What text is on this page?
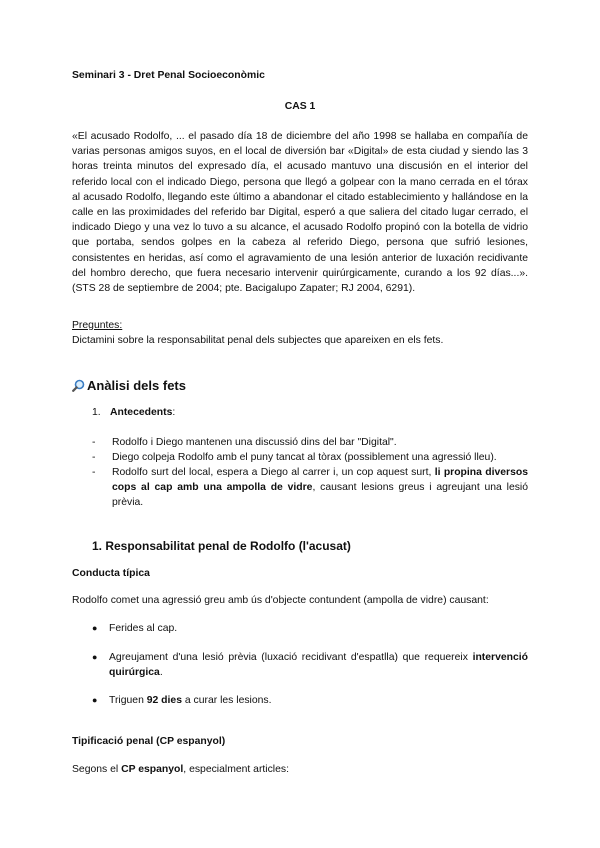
Seminari 3 - Dret Penal Socioeconòmic
CAS 1
«El acusado Rodolfo, ... el pasado día 18 de diciembre del año 1998 se hallaba en compañía de varias personas amigos suyos, en el local de diversión bar «Digital» de esta ciudad y siendo las 3 horas treinta minutos del expresado día, el acusado mantuvo una discusión en el interior del referido local con el indicado Diego, persona que llegó a golpear con la mano cerrada en el tórax al acusado Rodolfo, llegando este último a abandonar el citado establecimiento y hallándose en la calle en las proximidades del referido bar Digital, esperó a que saliera del citado lugar cerrado, el indicado Diego y una vez lo tuvo a su alcance, el acusado Rodolfo propinó con la botella de vidrio que portaba, sendos golpes en la cabeza al referido Diego, persona que sufrió lesiones, consistentes en heridas, así como el agravamiento de una lesión anterior de luxación recidivante del hombro derecho, que fuera necesario intervenir quirúrgicamente, curando a los 92 días...». (STS 28 de septiembre de 2004; pte. Bacigalupo Zapater; RJ 2004, 6291).
Preguntes:
Dictamini sobre la responsabilitat penal dels subjectes que apareixen en els fets.
Anàlisi dels fets
1. Antecedents:
-	Rodolfo i Diego mantenen una discussió dins del bar "Digital".
-	Diego colpeja Rodolfo amb el puny tancat al tòrax (possiblement una agressió lleu).
-	Rodolfo surt del local, espera a Diego al carrer i, un cop aquest surt, li propina diversos cops al cap amb una ampolla de vidre, causant lesions greus i agreujant una lesió prèvia.
1. Responsabilitat penal de Rodolfo (l'acusat)
Conducta típica
Rodolfo comet una agressió greu amb ús d'objecte contundent (ampolla de vidre) causant:
●	Ferides al cap.
●	Agreujament d'una lesió prèvia (luxació recidivant d'espatlla) que requereix intervenció quirúrgica.
●	Triguen 92 dies a curar les lesions.
Tipificació penal (CP espanyol)
Segons el CP espanyol, especialment articles:
